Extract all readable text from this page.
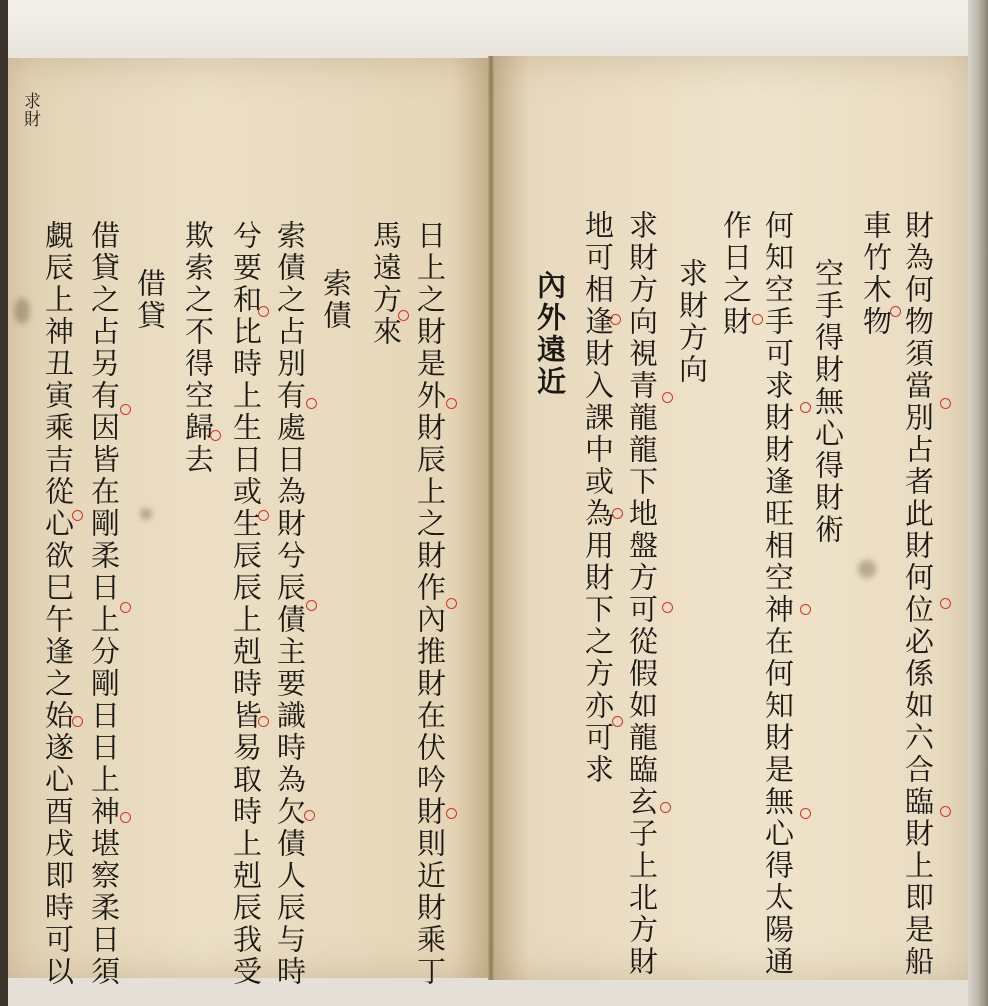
求財
財為何物須當別占者此財何位必係如六合臨財上即是船
車竹木物
空手得財無心得財術
何知空手可求財財逢旺相空神在何知財是無心得太陽通
作日之財
求財方向
求財方向視青龍龍下地盤方可從假如龍臨玄子上北方財
地可相逢財入課中或為用財下之方亦可求
內外遠近
日上之財是外財辰上之財作內推財在伏吟財則近財乘丁
馬遠方來
索債
索債之占別有處日為財兮辰債主要識時為欠債人辰与時
兮要和比時上生日或生辰辰上剋時皆易取時上剋辰我受
欺索之不得空歸去
借貸
借貸之占另有因皆在剛柔日上分剛日日上神堪察柔日須
覷辰上神丑寅乘吉從心欲巳午逢之始遂心酉戌即時可以
